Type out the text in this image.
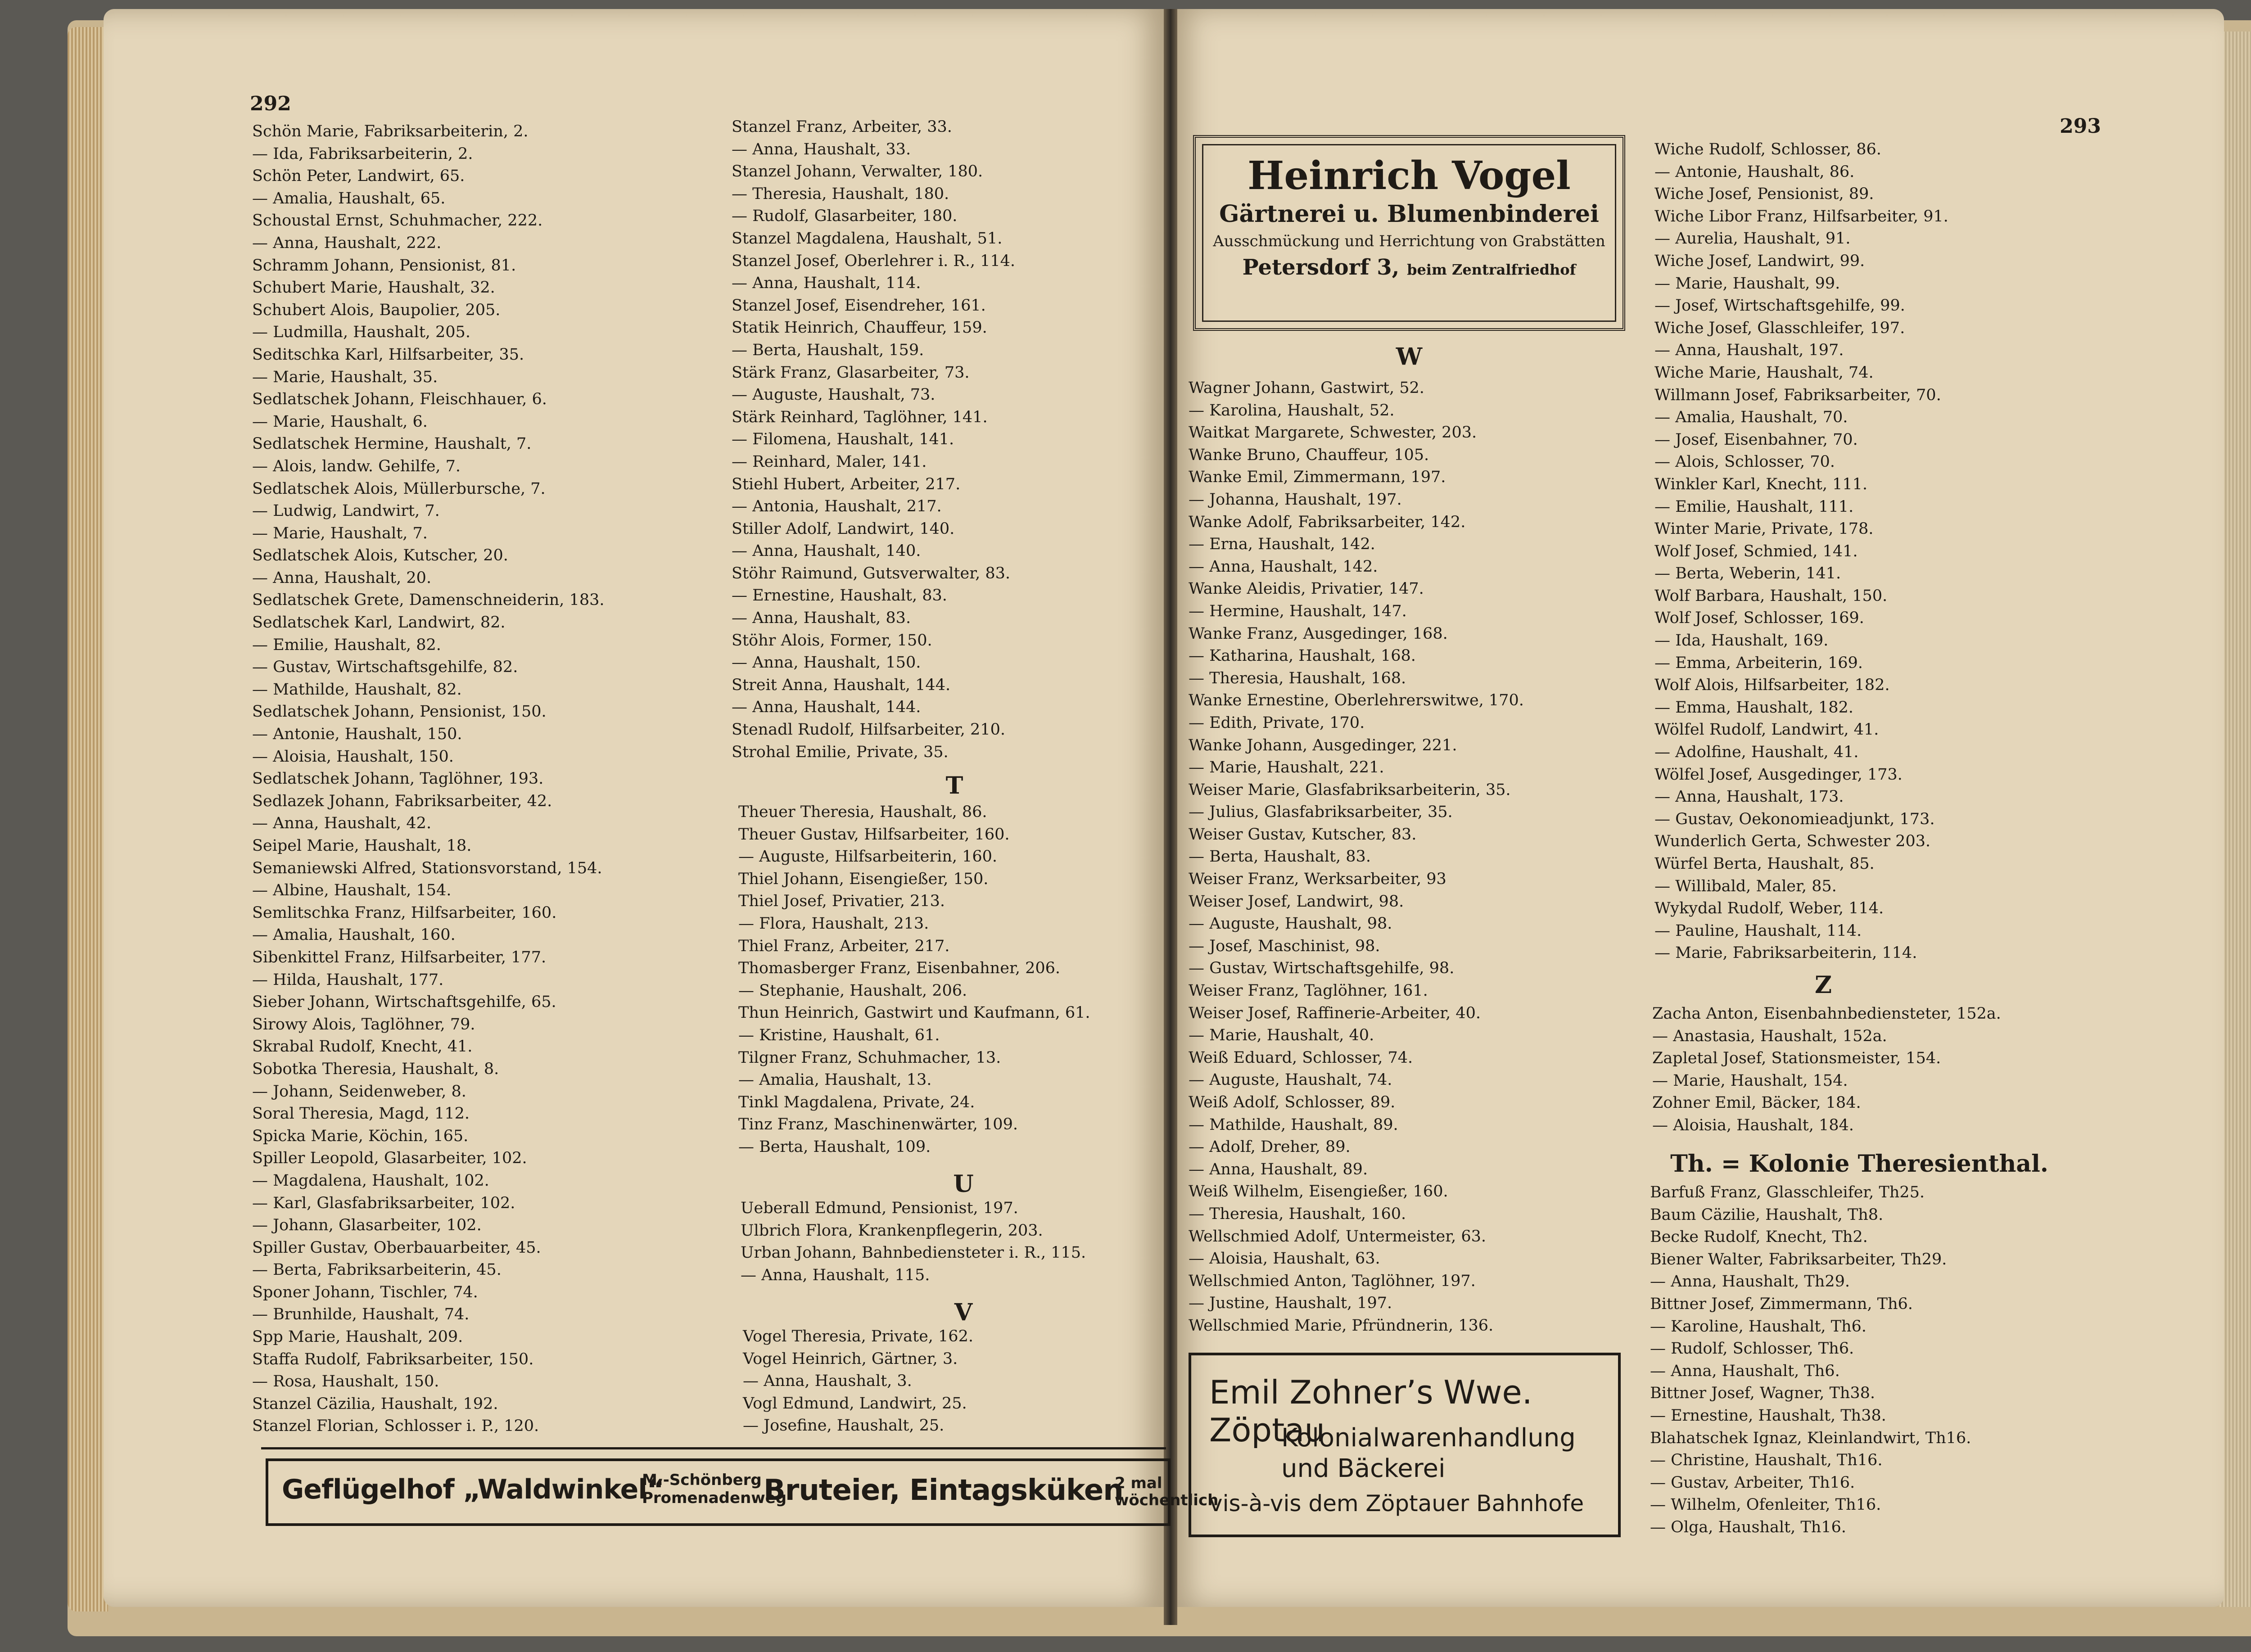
292
293
Schön Marie, Fabriksarbeiterin, 2.
— Ida, Fabriksarbeiterin, 2.
Schön Peter, Landwirt, 65.
— Amalia, Haushalt, 65.
Schoustal Ernst, Schuhmacher, 222.
— Anna, Haushalt, 222.
Schramm Johann, Pensionist, 81.
Schubert Marie, Haushalt, 32.
Schubert Alois, Baupolier, 205.
— Ludmilla, Haushalt, 205.
Seditschka Karl, Hilfsarbeiter, 35.
— Marie, Haushalt, 35.
Sedlatschek Johann, Fleischhauer, 6.
— Marie, Haushalt, 6.
Sedlatschek Hermine, Haushalt, 7.
— Alois, landw. Gehilfe, 7.
Sedlatschek Alois, Müllerbursche, 7.
— Ludwig, Landwirt, 7.
— Marie, Haushalt, 7.
Sedlatschek Alois, Kutscher, 20.
— Anna, Haushalt, 20.
Sedlatschek Grete, Damenschneiderin, 183.
Sedlatschek Karl, Landwirt, 82.
— Emilie, Haushalt, 82.
— Gustav, Wirtschaftsgehilfe, 82.
— Mathilde, Haushalt, 82.
Sedlatschek Johann, Pensionist, 150.
— Antonie, Haushalt, 150.
— Aloisia, Haushalt, 150.
Sedlatschek Johann, Taglöhner, 193.
Sedlazek Johann, Fabriksarbeiter, 42.
— Anna, Haushalt, 42.
Seipel Marie, Haushalt, 18.
Semaniewski Alfred, Stationsvorstand, 154.
— Albine, Haushalt, 154.
Semlitschka Franz, Hilfsarbeiter, 160.
— Amalia, Haushalt, 160.
Sibenkittel Franz, Hilfsarbeiter, 177.
— Hilda, Haushalt, 177.
Sieber Johann, Wirtschaftsgehilfe, 65.
Sirowy Alois, Taglöhner, 79.
Skrabal Rudolf, Knecht, 41.
Sobotka Theresia, Haushalt, 8.
— Johann, Seidenweber, 8.
Soral Theresia, Magd, 112.
Spicka Marie, Köchin, 165.
Spiller Leopold, Glasarbeiter, 102.
— Magdalena, Haushalt, 102.
— Karl, Glasfabriksarbeiter, 102.
— Johann, Glasarbeiter, 102.
Spiller Gustav, Oberbauarbeiter, 45.
— Berta, Fabriksarbeiterin, 45.
Sponer Johann, Tischler, 74.
— Brunhilde, Haushalt, 74.
Spp Marie, Haushalt, 209.
Staffa Rudolf, Fabriksarbeiter, 150.
— Rosa, Haushalt, 150.
Stanzel Cäzilia, Haushalt, 192.
Stanzel Florian, Schlosser i. P., 120.
Stanzel Franz, Arbeiter, 33.
— Anna, Haushalt, 33.
Stanzel Johann, Verwalter, 180.
— Theresia, Haushalt, 180.
— Rudolf, Glasarbeiter, 180.
Stanzel Magdalena, Haushalt, 51.
Stanzel Josef, Oberlehrer i. R., 114.
— Anna, Haushalt, 114.
Stanzel Josef, Eisendreher, 161.
Statik Heinrich, Chauffeur, 159.
— Berta, Haushalt, 159.
Stärk Franz, Glasarbeiter, 73.
— Auguste, Haushalt, 73.
Stärk Reinhard, Taglöhner, 141.
— Filomena, Haushalt, 141.
— Reinhard, Maler, 141.
Stiehl Hubert, Arbeiter, 217.
— Antonia, Haushalt, 217.
Stiller Adolf, Landwirt, 140.
— Anna, Haushalt, 140.
Stöhr Raimund, Gutsverwalter, 83.
— Ernestine, Haushalt, 83.
— Anna, Haushalt, 83.
Stöhr Alois, Former, 150.
— Anna, Haushalt, 150.
Streit Anna, Haushalt, 144.
— Anna, Haushalt, 144.
Stenadl Rudolf, Hilfsarbeiter, 210.
Strohal Emilie, Private, 35.
T
Theuer Theresia, Haushalt, 86.
Theuer Gustav, Hilfsarbeiter, 160.
— Auguste, Hilfsarbeiterin, 160.
Thiel Johann, Eisengießer, 150.
Thiel Josef, Privatier, 213.
— Flora, Haushalt, 213.
Thiel Franz, Arbeiter, 217.
Thomasberger Franz, Eisenbahner, 206.
— Stephanie, Haushalt, 206.
Thun Heinrich, Gastwirt und Kaufmann, 61.
— Kristine, Haushalt, 61.
Tilgner Franz, Schuhmacher, 13.
— Amalia, Haushalt, 13.
Tinkl Magdalena, Private, 24.
Tinz Franz, Maschinenwärter, 109.
— Berta, Haushalt, 109.
U
Ueberall Edmund, Pensionist, 197.
Ulbrich Flora, Krankenpflegerin, 203.
Urban Johann, Bahnbediensteter i. R., 115.
— Anna, Haushalt, 115.
V
Vogel Theresia, Private, 162.
Vogel Heinrich, Gärtner, 3.
— Anna, Haushalt, 3.
Vogl Edmund, Landwirt, 25.
— Josefine, Haushalt, 25.
Geflügelhof „Waldwinkel“
M.-Schönberg
Promenadenweg
Bruteier, Eintagsküken
2 mal
wöchentlich
Heinrich Vogel
Gärtnerei u. Blumenbinderei
Ausschmückung und Herrichtung von Grabstätten
Petersdorf 3, beim Zentralfriedhof
W
Wagner Johann, Gastwirt, 52.
— Karolina, Haushalt, 52.
Waitkat Margarete, Schwester, 203.
Wanke Bruno, Chauffeur, 105.
Wanke Emil, Zimmermann, 197.
— Johanna, Haushalt, 197.
Wanke Adolf, Fabriksarbeiter, 142.
— Erna, Haushalt, 142.
— Anna, Haushalt, 142.
Wanke Aleidis, Privatier, 147.
— Hermine, Haushalt, 147.
Wanke Franz, Ausgedinger, 168.
— Katharina, Haushalt, 168.
— Theresia, Haushalt, 168.
Wanke Ernestine, Oberlehrerswitwe, 170.
— Edith, Private, 170.
Wanke Johann, Ausgedinger, 221.
— Marie, Haushalt, 221.
Weiser Marie, Glasfabriksarbeiterin, 35.
— Julius, Glasfabriksarbeiter, 35.
Weiser Gustav, Kutscher, 83.
— Berta, Haushalt, 83.
Weiser Franz, Werksarbeiter, 93
Weiser Josef, Landwirt, 98.
— Auguste, Haushalt, 98.
— Josef, Maschinist, 98.
— Gustav, Wirtschaftsgehilfe, 98.
Weiser Franz, Taglöhner, 161.
Weiser Josef, Raffinerie-Arbeiter, 40.
— Marie, Haushalt, 40.
Weiß Eduard, Schlosser, 74.
— Auguste, Haushalt, 74.
Weiß Adolf, Schlosser, 89.
— Mathilde, Haushalt, 89.
— Adolf, Dreher, 89.
— Anna, Haushalt, 89.
Weiß Wilhelm, Eisengießer, 160.
— Theresia, Haushalt, 160.
Wellschmied Adolf, Untermeister, 63.
— Aloisia, Haushalt, 63.
Wellschmied Anton, Taglöhner, 197.
— Justine, Haushalt, 197.
Wellschmied Marie, Pfründnerin, 136.
Emil Zohner’s Wwe. Zöptau
Kolonialwarenhandlung
und Bäckerei
vis-à-vis dem Zöptauer Bahnhofe
Wiche Rudolf, Schlosser, 86.
— Antonie, Haushalt, 86.
Wiche Josef, Pensionist, 89.
Wiche Libor Franz, Hilfsarbeiter, 91.
— Aurelia, Haushalt, 91.
Wiche Josef, Landwirt, 99.
— Marie, Haushalt, 99.
— Josef, Wirtschaftsgehilfe, 99.
Wiche Josef, Glasschleifer, 197.
— Anna, Haushalt, 197.
Wiche Marie, Haushalt, 74.
Willmann Josef, Fabriksarbeiter, 70.
— Amalia, Haushalt, 70.
— Josef, Eisenbahner, 70.
— Alois, Schlosser, 70.
Winkler Karl, Knecht, 111.
— Emilie, Haushalt, 111.
Winter Marie, Private, 178.
Wolf Josef, Schmied, 141.
— Berta, Weberin, 141.
Wolf Barbara, Haushalt, 150.
Wolf Josef, Schlosser, 169.
— Ida, Haushalt, 169.
— Emma, Arbeiterin, 169.
Wolf Alois, Hilfsarbeiter, 182.
— Emma, Haushalt, 182.
Wölfel Rudolf, Landwirt, 41.
— Adolfine, Haushalt, 41.
Wölfel Josef, Ausgedinger, 173.
— Anna, Haushalt, 173.
— Gustav, Oekonomieadjunkt, 173.
Wunderlich Gerta, Schwester 203.
Würfel Berta, Haushalt, 85.
— Willibald, Maler, 85.
Wykydal Rudolf, Weber, 114.
— Pauline, Haushalt, 114.
— Marie, Fabriksarbeiterin, 114.
Z
Zacha Anton, Eisenbahnbediensteter, 152a.
— Anastasia, Haushalt, 152a.
Zapletal Josef, Stationsmeister, 154.
— Marie, Haushalt, 154.
Zohner Emil, Bäcker, 184.
— Aloisia, Haushalt, 184.
Th. = Kolonie Theresienthal.
Barfuß Franz, Glasschleifer, Th25.
Baum Cäzilie, Haushalt, Th8.
Becke Rudolf, Knecht, Th2.
Biener Walter, Fabriksarbeiter, Th29.
— Anna, Haushalt, Th29.
Bittner Josef, Zimmermann, Th6.
— Karoline, Haushalt, Th6.
— Rudolf, Schlosser, Th6.
— Anna, Haushalt, Th6.
Bittner Josef, Wagner, Th38.
— Ernestine, Haushalt, Th38.
Blahatschek Ignaz, Kleinlandwirt, Th16.
— Christine, Haushalt, Th16.
— Gustav, Arbeiter, Th16.
— Wilhelm, Ofenleiter, Th16.
— Olga, Haushalt, Th16.
